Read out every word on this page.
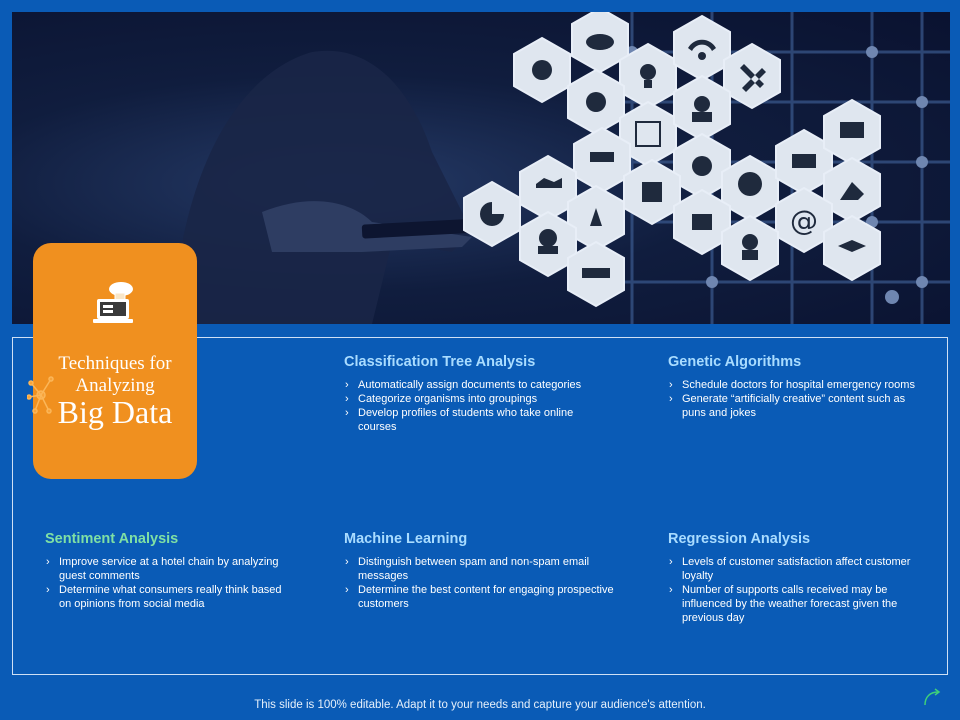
@
Techniques for
Analyzing
Big Data
Classification Tree Analysis
› Automatically assign documents to categories
› Categorize organisms into groupings
› Develop profiles of students who take online courses
Genetic Algorithms
› Schedule doctors for hospital emergency rooms
› Generate “artificially creative” content such as puns and jokes
Sentiment Analysis
› Improve service at a hotel chain by analyzing guest comments
› Determine what consumers really think based on opinions from social media
Machine Learning
› Distinguish between spam and non-spam email messages
› Determine the best content for engaging prospective customers
Regression Analysis
› Levels of customer satisfaction affect customer loyalty
› Number of supports calls received may be influenced by the weather forecast given the previous day
This slide is 100% editable. Adapt it to your needs and capture your audience's attention.
